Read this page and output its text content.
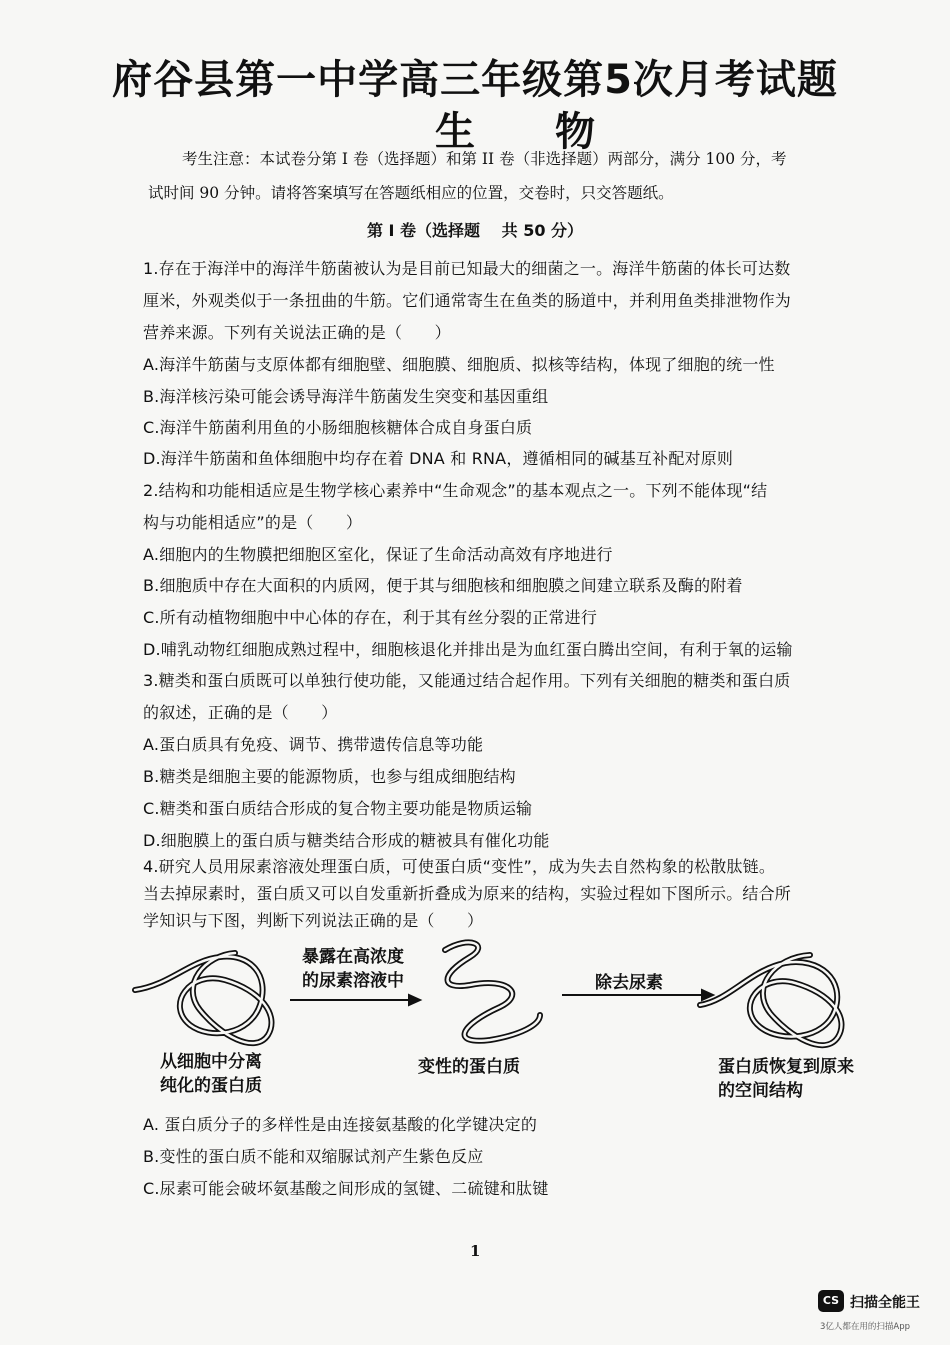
府谷县第一中学高三年级第5次月考试题
生物
考生注意：本试卷分第 I 卷（选择题）和第 II 卷（非选择题）两部分，满分 100 分，考
试时间 90 分钟。请将答案填写在答题纸相应的位置，交卷时，只交答题纸。
第 I 卷（选择题　 共 50 分）
1.存在于海洋中的海洋牛筋菌被认为是目前已知最大的细菌之一。海洋牛筋菌的体长可达数
厘米，外观类似于一条扭曲的牛筋。它们通常寄生在鱼类的肠道中，并利用鱼类排泄物作为
营养来源。下列有关说法正确的是（　　）
A.海洋牛筋菌与支原体都有细胞壁、细胞膜、细胞质、拟核等结构，体现了细胞的统一性
B.海洋核污染可能会诱导海洋牛筋菌发生突变和基因重组
C.海洋牛筋菌利用鱼的小肠细胞核糖体合成自身蛋白质
D.海洋牛筋菌和鱼体细胞中均存在着 DNA 和 RNA，遵循相同的碱基互补配对原则
2.结构和功能相适应是生物学核心素养中“生命观念”的基本观点之一。下列不能体现“结
构与功能相适应”的是（　　）
A.细胞内的生物膜把细胞区室化，保证了生命活动高效有序地进行
B.细胞质中存在大面积的内质网，便于其与细胞核和细胞膜之间建立联系及酶的附着
C.所有动植物细胞中中心体的存在，利于其有丝分裂的正常进行
D.哺乳动物红细胞成熟过程中，细胞核退化并排出是为血红蛋白腾出空间，有利于氧的运输
3.糖类和蛋白质既可以单独行使功能，又能通过结合起作用。下列有关细胞的糖类和蛋白质
的叙述，正确的是（　　）
A.蛋白质具有免疫、调节、携带遗传信息等功能
B.糖类是细胞主要的能源物质，也参与组成细胞结构
C.糖类和蛋白质结合形成的复合物主要功能是物质运输
D.细胞膜上的蛋白质与糖类结合形成的糖被具有催化功能
4.研究人员用尿素溶液处理蛋白质，可使蛋白质“变性”，成为失去自然构象的松散肽链。
当去掉尿素时，蛋白质又可以自发重新折叠成为原来的结构，实验过程如下图所示。结合所
学知识与下图，判断下列说法正确的是（　　）
暴露在高浓度
的尿素溶液中	除去尿素
从细胞中分离
纯化的蛋白质
变性的蛋白质	蛋白质恢复到原来
的空间结构
A. 蛋白质分子的多样性是由连接氨基酸的化学键决定的
B.变性的蛋白质不能和双缩脲试剂产生紫色反应
C.尿素可能会破坏氨基酸之间形成的氢键、二硫键和肽键
1
CS 扫描全能王
3亿人都在用的扫描App
